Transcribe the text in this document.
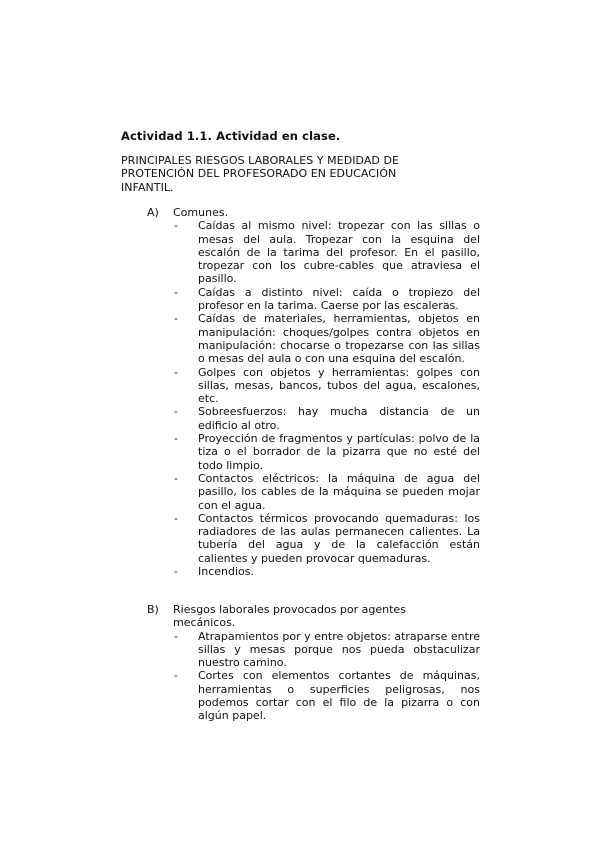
Actividad 1.1. Actividad en clase.
PRINCIPALES RIESGOS LABORALES Y MEDIDAD DE PROTENCIÓN DEL PROFESORADO EN EDUCACIÓN INFANTIL.
A)	Comunes.
-	Caídas al mismo nivel: tropezar con las sillas o mesas del aula. Tropezar con la esquina del escalón de la tarima del profesor. En el pasillo, tropezar con los cubre-cables que atraviesa el pasillo.
-	Caídas a distinto nivel: caída o tropiezo del profesor en la tarima. Caerse por las escaleras.
-	Caídas de materiales, herramientas, objetos en manipulación: choques/golpes contra objetos en manipulación: chocarse o tropezarse con las sillas o mesas del aula o con una esquina del escalón.
-	Golpes con objetos y herramientas: golpes con sillas, mesas, bancos, tubos del agua, escalones, etc.
-	Sobreesfuerzos: hay mucha distancia de un edificio al otro.
-	Proyección de fragmentos y partículas: polvo de la tiza o el borrador de la pizarra que no esté del todo limpio.
-	Contactos eléctricos: la máquina de agua del pasillo, los cables de la máquina se pueden mojar con el agua.
-	Contactos térmicos provocando quemaduras: los radiadores de las aulas permanecen calientes. La tubería del agua y de la calefacción están calientes y pueden provocar quemaduras.
-	Incendios.
B)	Riesgos laborales provocados por agentes mecánicos.
-	Atrapamientos por y entre objetos: atraparse entre sillas y mesas porque nos pueda obstaculizar nuestro camino.
-	Cortes con elementos cortantes de máquinas, herramientas o superficies peligrosas, nos podemos cortar con el filo de la pizarra o con algún papel.
